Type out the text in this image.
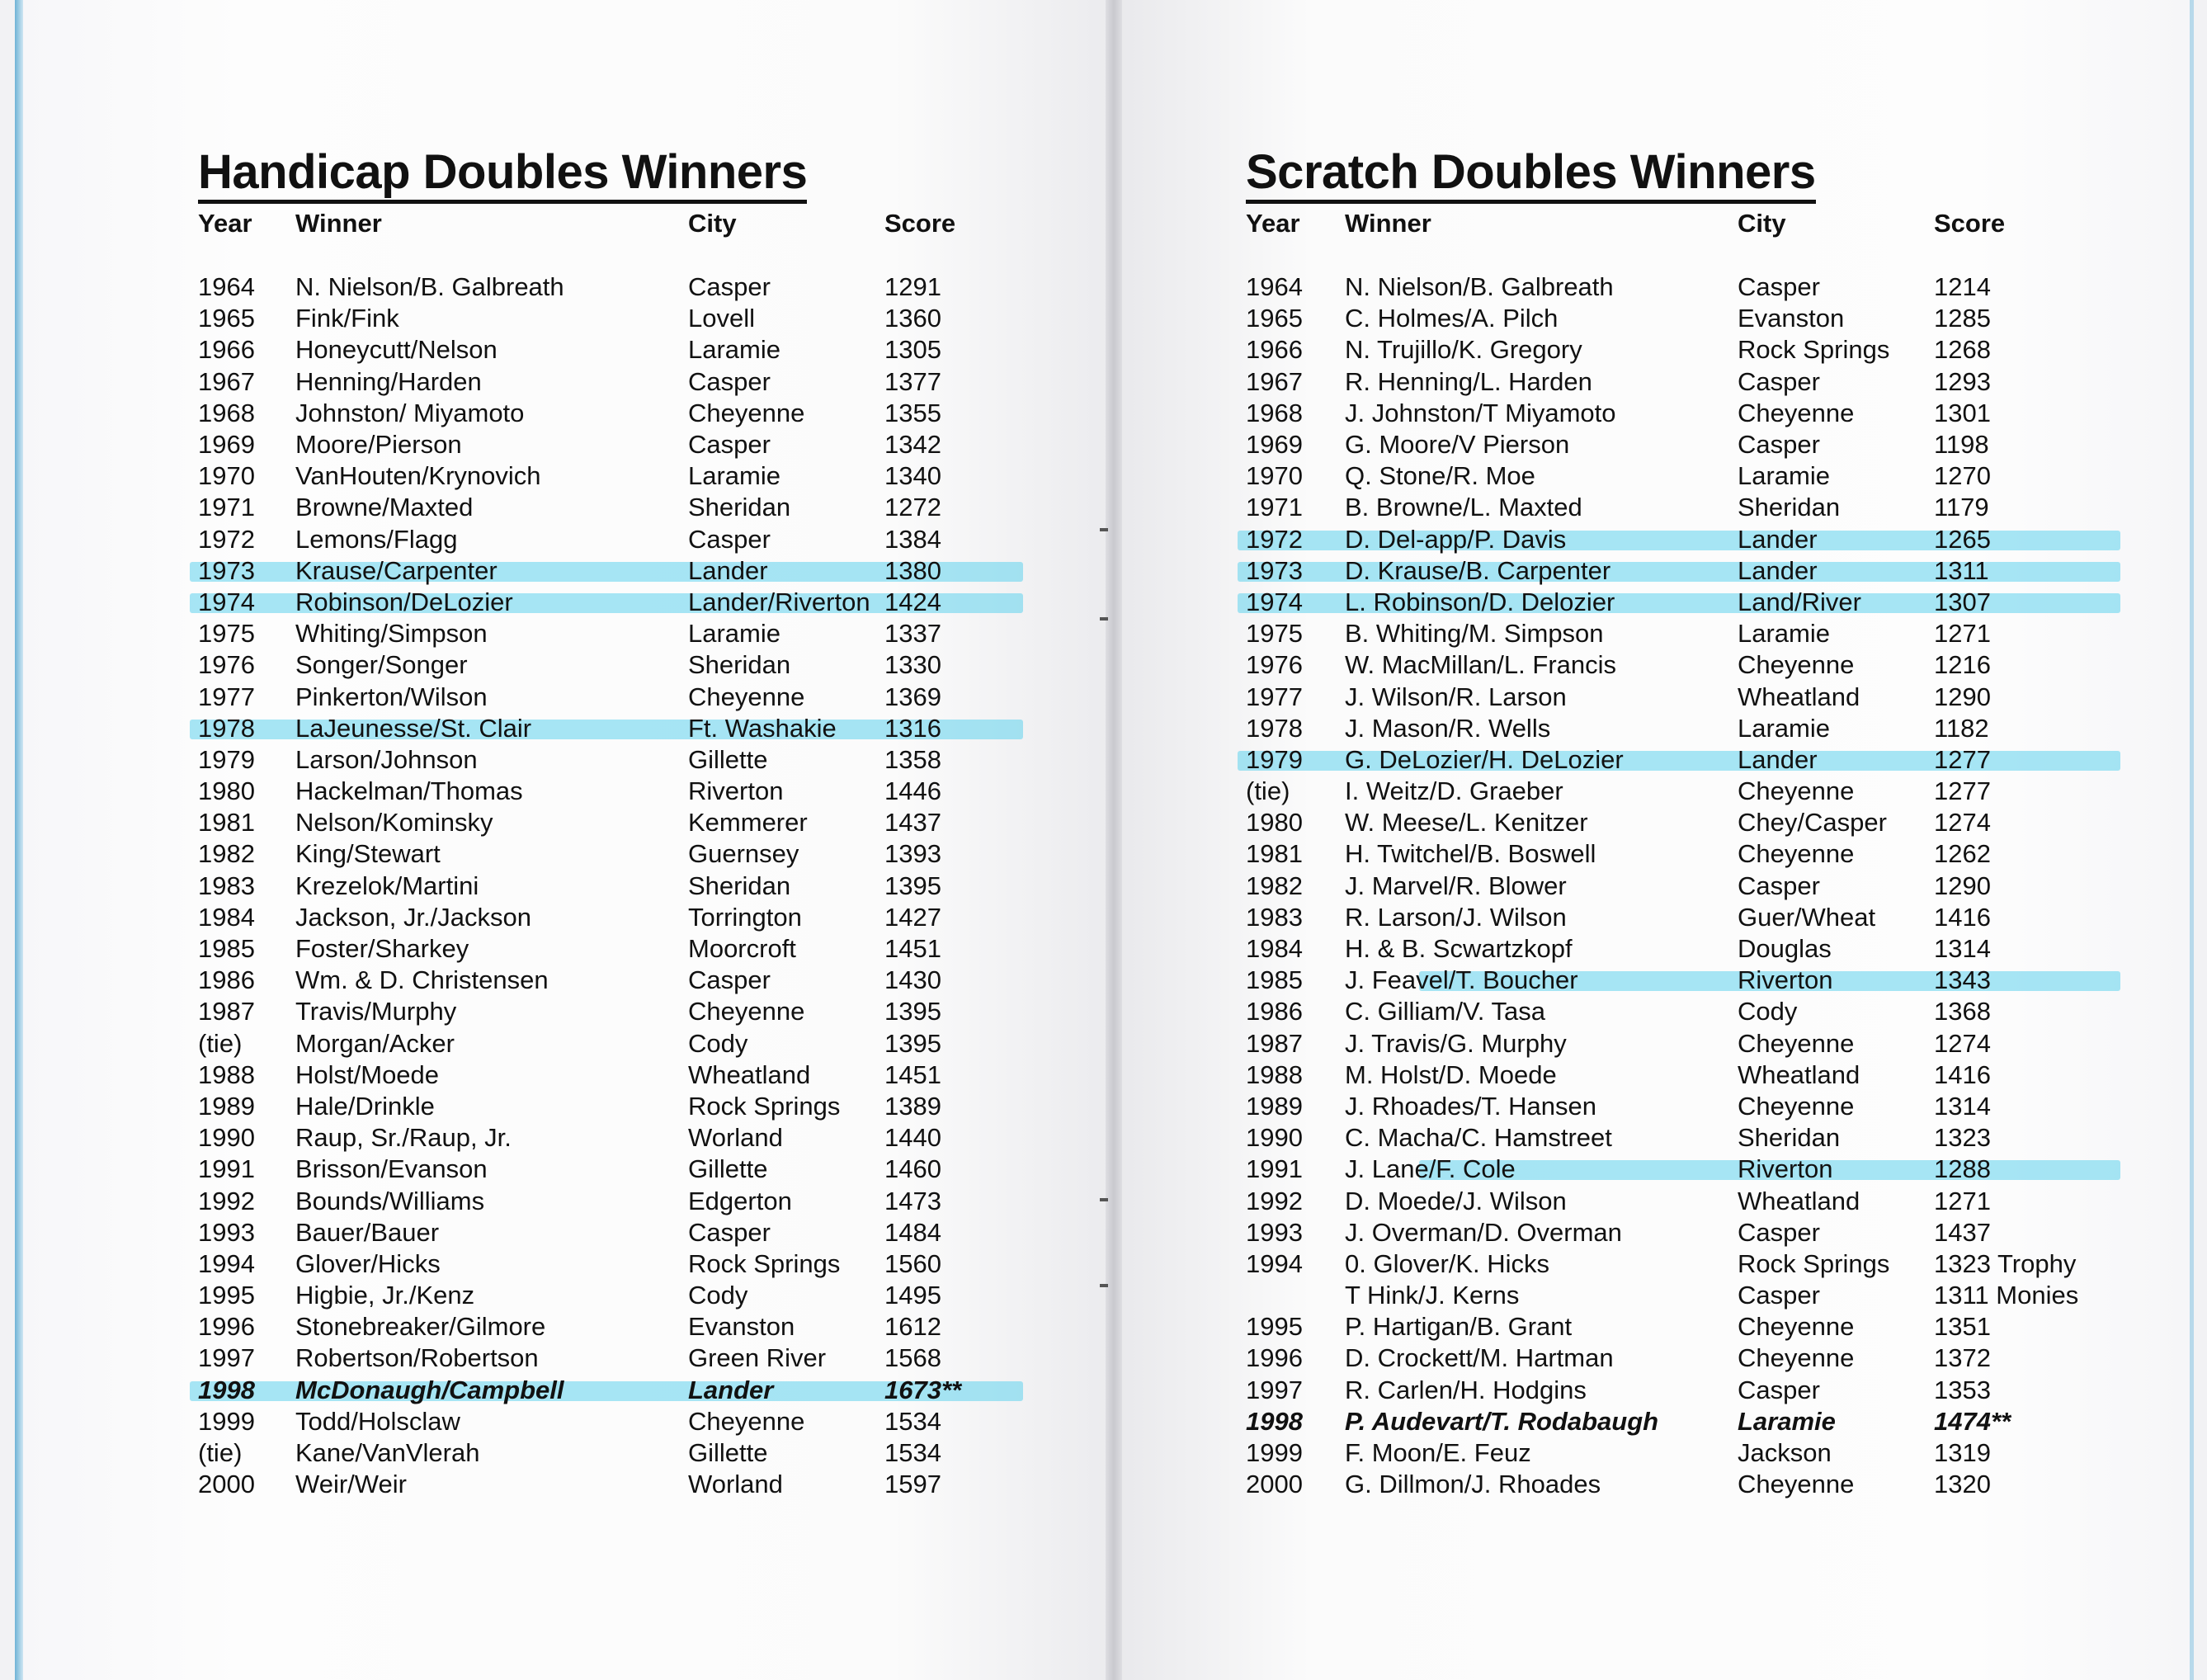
Handicap Doubles Winners
Year	Winner	City	Score
1964	N. Nielson/B. Galbreath	Casper	1291
1965	Fink/Fink	Lovell	1360
1966	Honeycutt/Nelson	Laramie	1305
1967	Henning/Harden	Casper	1377
1968	Johnston/ Miyamoto	Cheyenne	1355
1969	Moore/Pierson	Casper	1342
1970	VanHouten/Krynovich	Laramie	1340
1971	Browne/Maxted	Sheridan	1272
1972	Lemons/Flagg	Casper	1384
1973	Krause/Carpenter	Lander	1380
1974	Robinson/DeLozier	Lander/Riverton 1424
1975	Whiting/Simpson	Laramie	1337
1976	Songer/Songer	Sheridan	1330
1977	Pinkerton/Wilson	Cheyenne	1369
1978	LaJeunesse/St. Clair	Ft. Washakie	1316
1979	Larson/Johnson	Gillette	1358
1980	Hackelman/Thomas	Riverton	1446
1981	Nelson/Kominsky	Kemmerer	1437
1982	King/Stewart	Guernsey	1393
1983	Krezelok/Martini	Sheridan	1395
1984	Jackson, Jr./Jackson	Torrington	1427
1985	Foster/Sharkey	Moorcroft	1451
1986	Wm. & D. Christensen	Casper	1430
1987	Travis/Murphy	Cheyenne	1395
(tie)	Morgan/Acker	Cody	1395
1988	Holst/Moede	Wheatland	1451
1989	Hale/Drinkle	Rock Springs	1389
1990	Raup, Sr./Raup, Jr.	Worland	1440
1991	Brisson/Evanson	Gillette	1460
1992	Bounds/Williams	Edgerton	1473
1993	Bauer/Bauer	Casper	1484
1994	Glover/Hicks	Rock Springs	1560
1995	Higbie, Jr./Kenz	Cody	1495
1996	Stonebreaker/Gilmore	Evanston	1612
1997	Robertson/Robertson	Green River	1568
1998	McDonaugh/Campbell	Lander	1673**
1999	Todd/Holsclaw	Cheyenne	1534
(tie)	Kane/VanVlerah	Gillette	1534
2000	Weir/Weir	Worland	1597
Scratch Doubles Winners
Year	Winner	City	Score
1964	N. Nielson/B. Galbreath	Casper	1214
1965	C. Holmes/A. Pilch	Evanston	1285
1966	N. Trujillo/K. Gregory	Rock Springs	1268
1967	R. Henning/L. Harden	Casper	1293
1968	J. Johnston/T Miyamoto	Cheyenne	1301
1969	G. Moore/V Pierson	Casper	1198
1970	Q. Stone/R. Moe	Laramie	1270
1971	B. Browne/L. Maxted	Sheridan	1179
1972	D. Del-app/P. Davis	Lander	1265
1973	D. Krause/B. Carpenter	Lander	1311
1974	L. Robinson/D. Delozier	Land/River	1307
1975	B. Whiting/M. Simpson	Laramie	1271
1976	W. MacMillan/L. Francis	Cheyenne	1216
1977	J. Wilson/R. Larson	Wheatland	1290
1978	J. Mason/R. Wells	Laramie	1182
1979	G. DeLozier/H. DeLozier	Lander	1277
(tie)	I. Weitz/D. Graeber	Cheyenne	1277
1980	W. Meese/L. Kenitzer	Chey/Casper	1274
1981	H. Twitchel/B. Boswell	Cheyenne	1262
1982	J. Marvel/R. Blower	Casper	1290
1983	R. Larson/J. Wilson	Guer/Wheat	1416
1984	H. & B. Scwartzkopf	Douglas	1314
1985	J. Feavel/T. Boucher	Riverton	1343
1986	C. Gilliam/V. Tasa	Cody	1368
1987	J. Travis/G. Murphy	Cheyenne	1274
1988	M. Holst/D. Moede	Wheatland	1416
1989	J. Rhoades/T. Hansen	Cheyenne	1314
1990	C. Macha/C. Hamstreet	Sheridan	1323
1991	J. Lane/F. Cole	Riverton	1288
1992	D. Moede/J. Wilson	Wheatland	1271
1993	J. Overman/D. Overman	Casper	1437
1994	0. Glover/K. Hicks	Rock Springs	1323 Trophy
T Hink/J. Kerns	Casper	1311 Monies
1995	P. Hartigan/B. Grant	Cheyenne	1351
1996	D. Crockett/M. Hartman	Cheyenne	1372
1997	R. Carlen/H. Hodgins	Casper	1353
1998	P. Audevart/T. Rodabaugh	Laramie	1474**
1999	F. Moon/E. Feuz	Jackson	1319
2000	G. Dillmon/J. Rhoades	Cheyenne	1320
